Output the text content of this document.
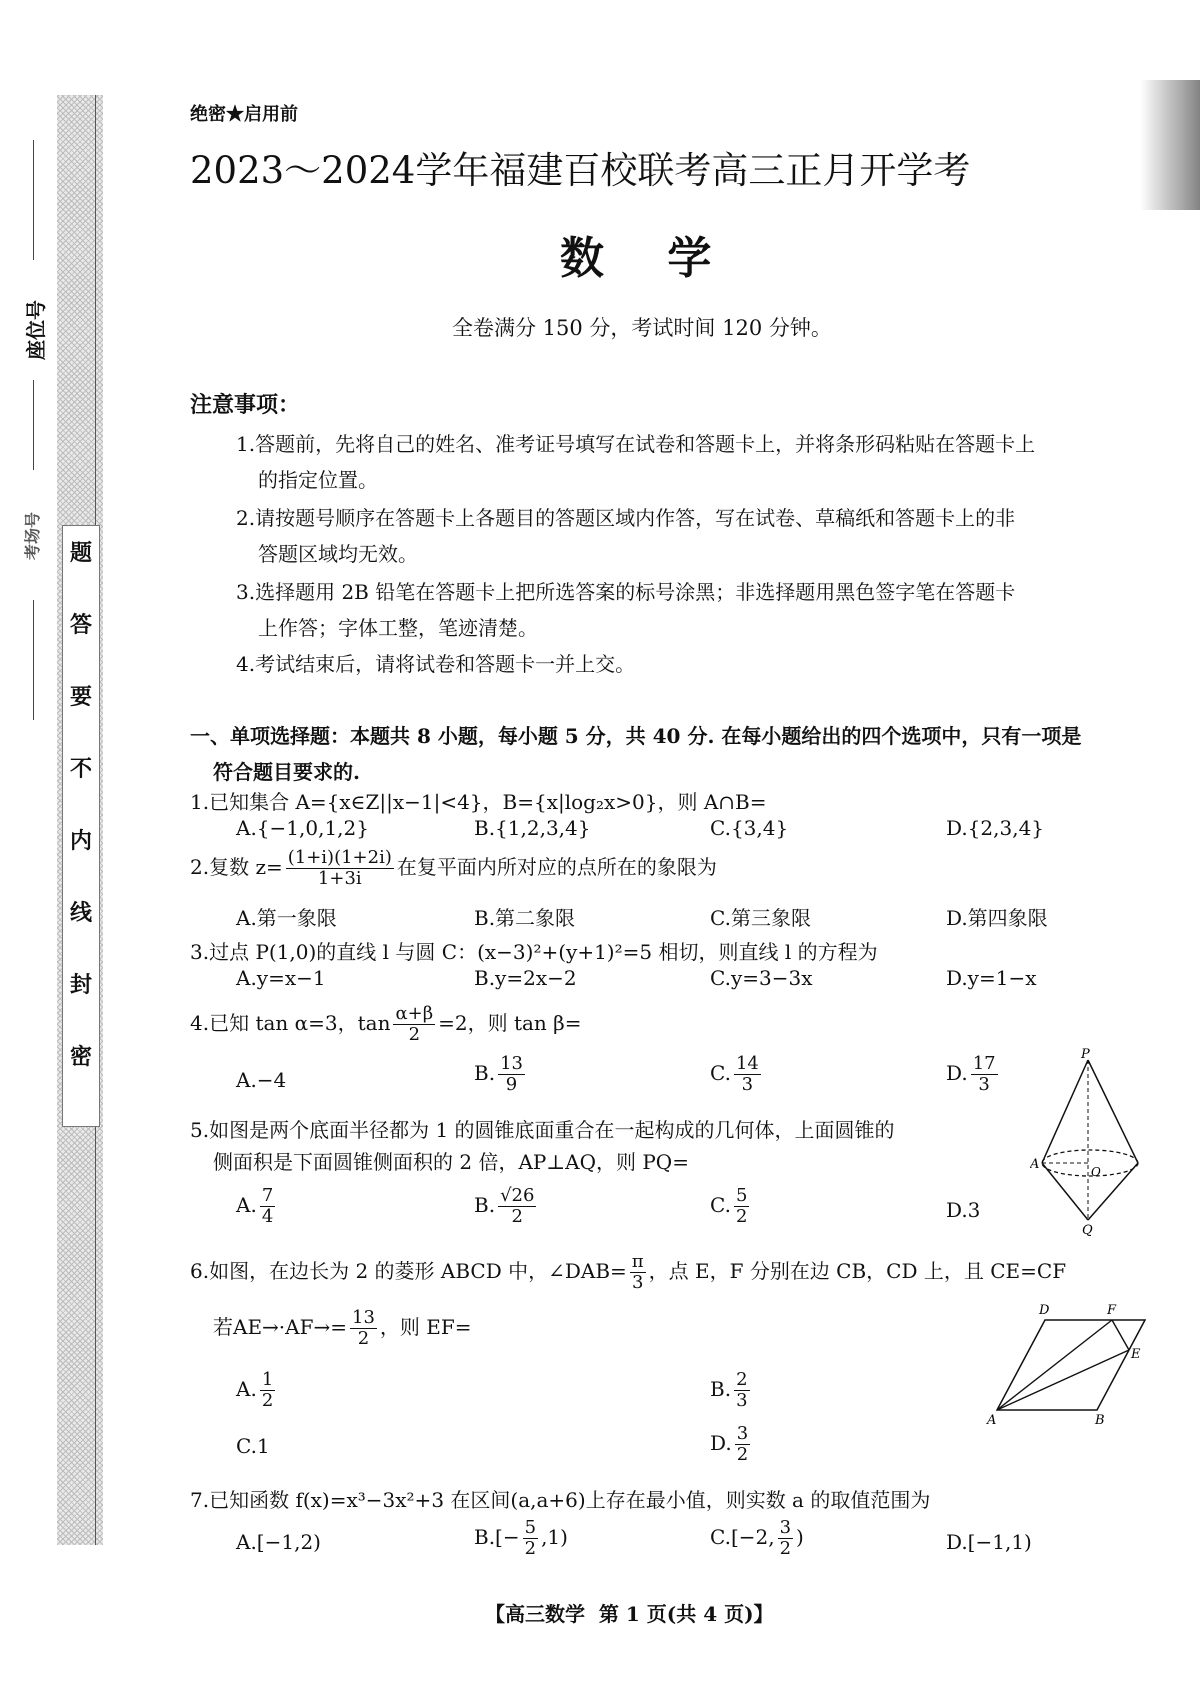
题
答
要
不
内
线
封
密
座位号
考场号
绝密★启用前
2023～2024学年福建百校联考高三正月开学考
数 学
全卷满分 150 分，考试时间 120 分钟。
注意事项：
1.答题前，先将自己的姓名、准考证号填写在试卷和答题卡上，并将条形码粘贴在答题卡上
的指定位置。
2.请按题号顺序在答题卡上各题目的答题区域内作答，写在试卷、草稿纸和答题卡上的非
答题区域均无效。
3.选择题用 2B 铅笔在答题卡上把所选答案的标号涂黑；非选择题用黑色签字笔在答题卡
上作答；字体工整，笔迹清楚。
4.考试结束后，请将试卷和答题卡一并上交。
一、单项选择题：本题共 8 小题，每小题 5 分，共 40 分. 在每小题给出的四个选项中，只有一项是
符合题目要求的.
1.已知集合 A={x∈Z||x−1|<4}，B={x|log₂x>0}，则 A∩B=
A.{−1,0,1,2}	B.{1,2,3,4}	C.{3,4}	D.{2,3,4}
2.复数 $z= \frac{(1+i)(1+2i)}{1+3i}$ 在复平面内所对应的点所在的象限为
A.第一象限	B.第二象限	C.第三象限	D.第四象限
3.过点 P(1,0)的直线 l 与圆 C：(x−3)²+(y+1)²=5 相切，则直线 l 的方程为
A.y=x−1	B.y=2x−2	C.y=3−3x	D.y=1−x
4.已知 tan α=3，$\tan \frac{\alpha+\beta}{2} =2$，则 tan β=
A.−4	B. $\frac{13}{9}$	C. $\frac{14}{3}$	D. $\frac{17}{3}$
5.如图是两个底面半径都为 1 的圆锥底面重合在一起构成的几何体，上面圆锥的
侧面积是下面圆锥侧面积的 2 倍，AP⊥AQ，则 PQ=
A. $\frac{7}{4}$	B. $\frac{√26}{2}$	C. $\frac{5}{2}$	D.3
P
A	O
Q
6.如图，在边长为 2 的菱形 ABCD 中，∠DAB= $\frac{\pi}{3}$ ，点 E，F 分别在边 CB，CD 上，且 CE=CF
若$AE\to\cdot AF\to= \frac{13}{2}$ ，则 EF=
A. $\frac{1}{2}$	B. $\frac{2}{3}$
C.1	D. $\frac{3}{2}$
D	F
E
A	B
7.已知函数 f(x)=x³−3x²+3 在区间(a,a+6)上存在最小值，则实数 a 的取值范围为
A.[−1,2)	$B.[- \frac{5}{2} ,1)$	C.[−2, $\frac{3}{2}$ )	D.[−1,1)
【高三数学  第 1 页(共 4 页)】
